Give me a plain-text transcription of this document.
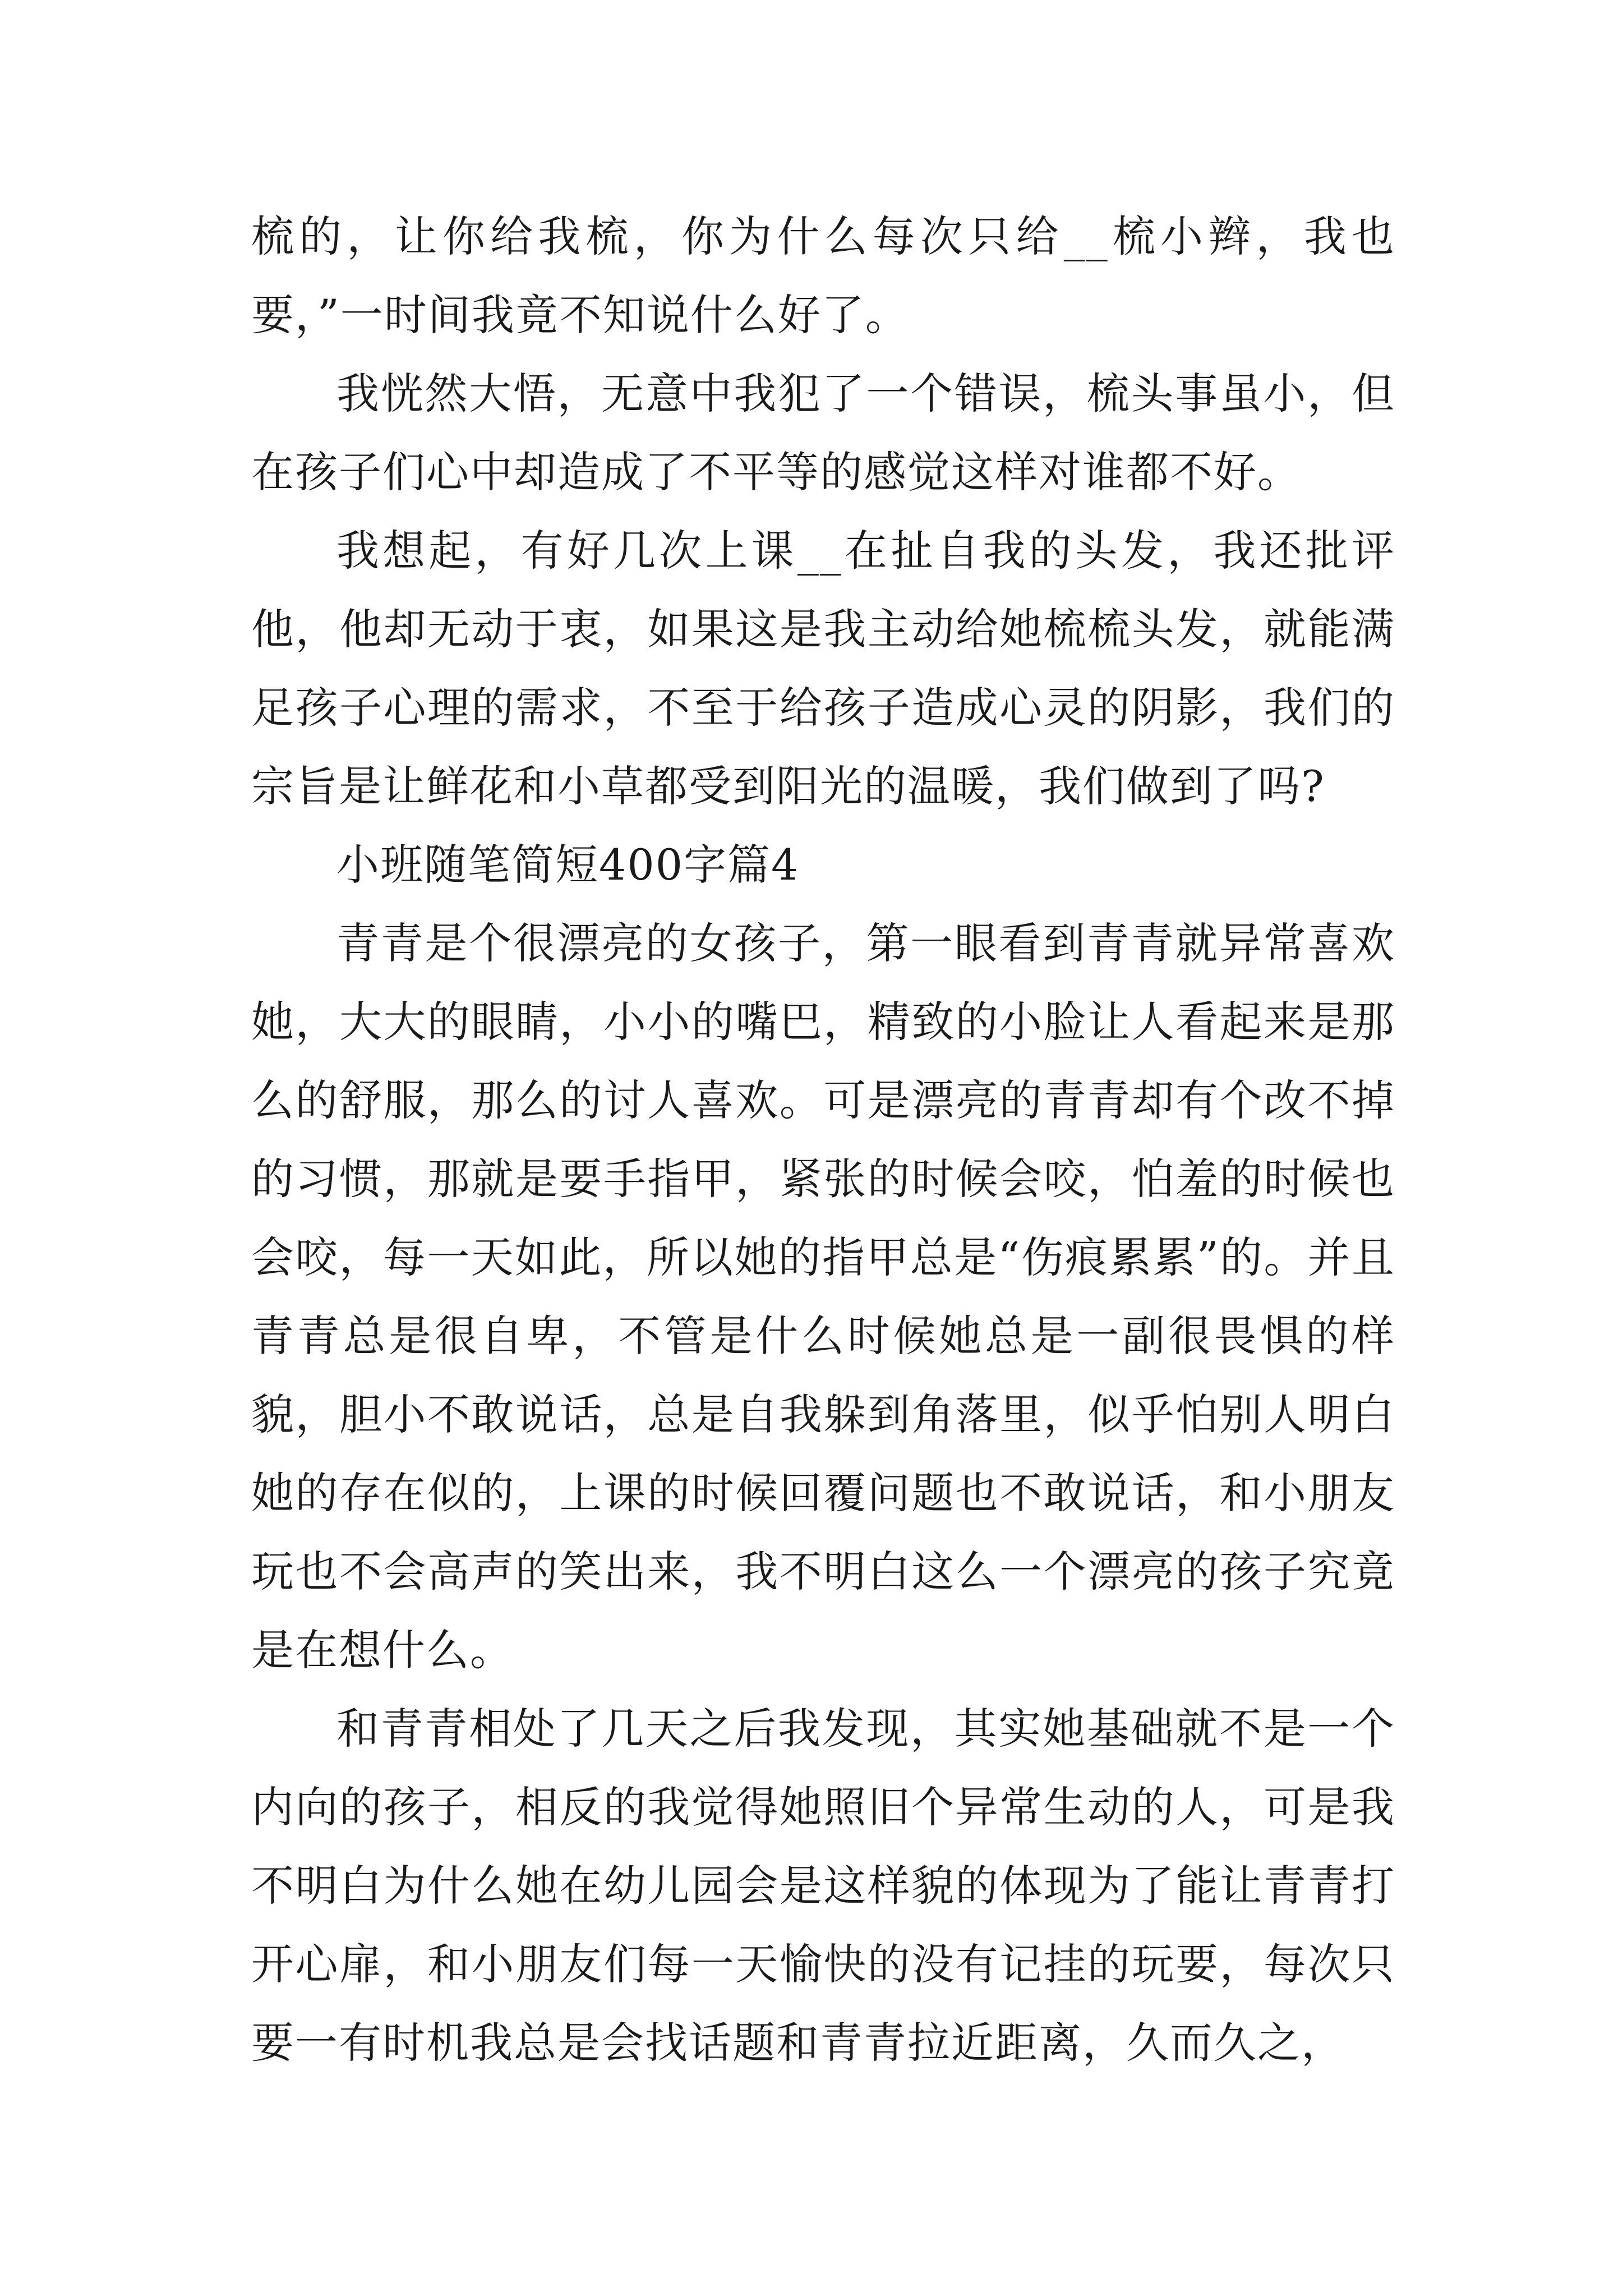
梳的，让你给我梳，你为什么每次只给__梳小辫，我也要，”一时间我竟不知说什么好了。

我恍然大悟，无意中我犯了一个错误，梳头事虽小，但在孩子们心中却造成了不平等的感觉这样对谁都不好。

我想起，有好几次上课__在扯自我的头发，我还批评他，他却无动于衷，如果这是我主动给她梳梳头发，就能满足孩子心理的需求，不至于给孩子造成心灵的阴影，我们的宗旨是让鲜花和小草都受到阳光的温暖，我们做到了吗?

小班随笔简短400字篇4

青青是个很漂亮的女孩子，第一眼看到青青就异常喜欢她，大大的眼睛，小小的嘴巴，精致的小脸让人看起来是那么的舒服，那么的讨人喜欢。可是漂亮的青青却有个改不掉的习惯，那就是要手指甲，紧张的时候会咬，怕羞的时候也会咬，每一天如此，所以她的指甲总是“伤痕累累”的。并且青青总是很自卑，不管是什么时候她总是一副很畏惧的样貌，胆小不敢说话，总是自我躲到角落里，似乎怕别人明白她的存在似的，上课的时候回覆问题也不敢说话，和小朋友玩也不会高声的笑出来，我不明白这么一个漂亮的孩子究竟是在想什么。

和青青相处了几天之后我发现，其实她基础就不是一个内向的孩子，相反的我觉得她照旧个异常生动的人，可是我不明白为什么她在幼儿园会是这样貌的体现为了能让青青打开心扉，和小朋友们每一天愉快的没有记挂的玩要，每次只要一有时机我总是会找话题和青青拉近距离，久而久之，
